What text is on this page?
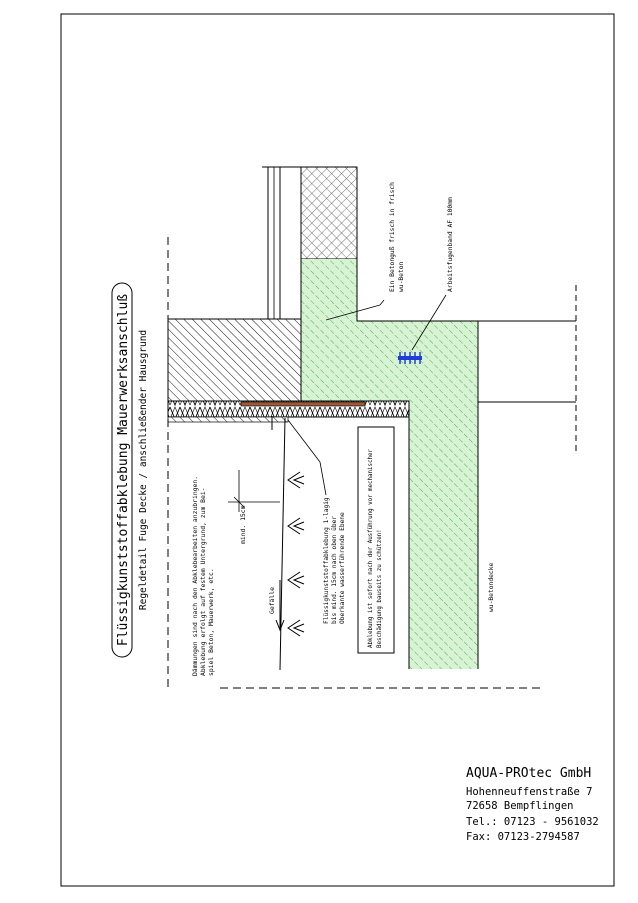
Flüssigkunststoffabklebung Mauerwerksanschluß Regeldetail Fuge Decke / anschließender Hausgrund	Dämmungen sind nach den Abklebearbeiten anzubringen. Abklebung erfolgt auf festem Untergrund, zum Bei- spiel Beton, Mauerwerk, etc.
mind. 15cm
Gefälle	Flüssigkunststoffabklebung 1-lagig bis mind. 15cm nach oben über Oberkante wasserführende Ebene	Abklebung ist sofort nach der Ausführung vor mechanischer Beschädigung bauseits zu schützen!
Ein Betonguß frisch in frisch wu-Beton	Arbeitsfugenband AF 100mm
wu-Betondecke
AQUA-PROtec GmbH
Hohenneuffenstraße 7
72658 Bempflingen
Tel.: 07123 - 9561032
Fax: 07123-2794587
